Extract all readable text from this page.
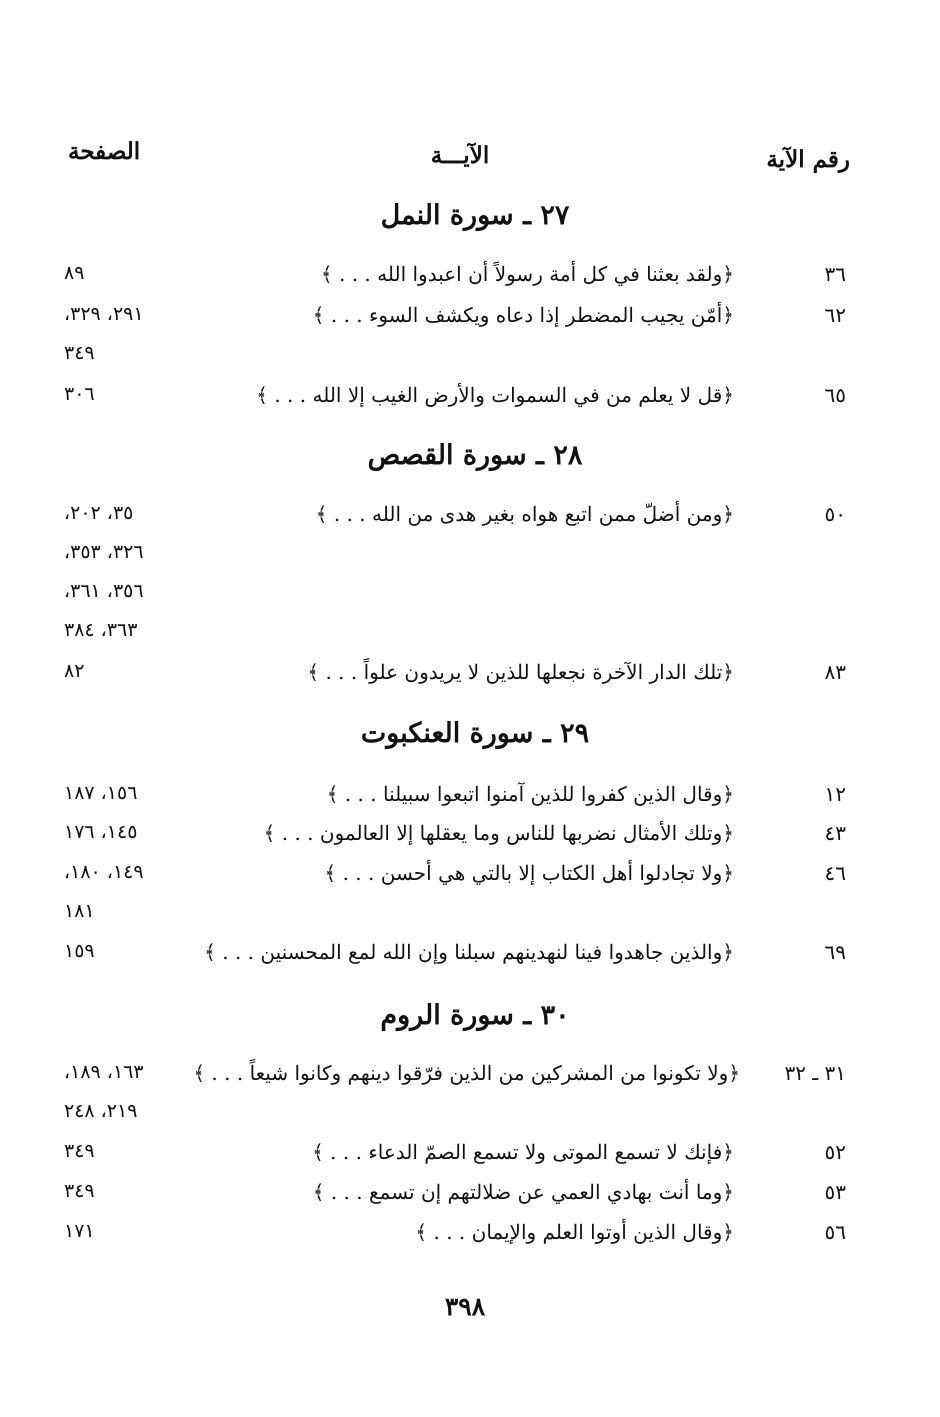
رقم الآية
الآيـــة
الصفحة
٢٧ ـ سورة النمل
٣٦
﴿ولقد بعثنا في كل أمة رسولاً أن اعبدوا الله . . . ﴾
٨٩
٦٢
﴿أمّن يجيب المضطر إذا دعاه ويكشف السوء . . . ﴾
٢٩١، ٣٢٩،
٣٤٩
٦٥
﴿قل لا يعلم من في السموات والأرض الغيب إلا الله . . . ﴾
٣٠٦
٢٨ ـ سورة القصص
٥٠
﴿ومن أضلّ ممن اتبع هواه بغير هدى من الله . . . ﴾
٣٥، ٢٠٢،
٣٢٦، ٣٥٣،
٣٥٦، ٣٦١،
٣٦٣، ٣٨٤
٨٣
﴿تلك الدار الآخرة نجعلها للذين لا يريدون علواً . . . ﴾
٨٢
٢٩ ـ سورة العنكبوت
١٢
﴿وقال الذين كفروا للذين آمنوا اتبعوا سبيلنا . . . ﴾
١٥٦، ١٨٧
٤٣
﴿وتلك الأمثال نضربها للناس وما يعقلها إلا العالمون . . . ﴾
١٤٥، ١٧٦
٤٦
﴿ولا تجادلوا أهل الكتاب إلا بالتي هي أحسن . . . ﴾
١٤٩، ١٨٠،
١٨١
٦٩
﴿والذين جاهدوا فينا لنهدينهم سبلنا وإن الله لمع المحسنين . . . ﴾
١٥٩
٣٠ ـ سورة الروم
٣١ ـ ٣٢
﴿ولا تكونوا من المشركين من الذين فرّقوا دينهم وكانوا شيعاً . . . ﴾
١٦٣، ١٨٩،
٢١٩، ٢٤٨
٥٢
﴿فإنك لا تسمع الموتى ولا تسمع الصمّ الدعاء . . . ﴾
٣٤٩
٥٣
﴿وما أنت بهادي العمي عن ضلالتهم إن تسمع . . . ﴾
٣٤٩
٥٦
﴿وقال الذين أوتوا العلم والإيمان . . . ﴾
١٧١
٣٩٨
